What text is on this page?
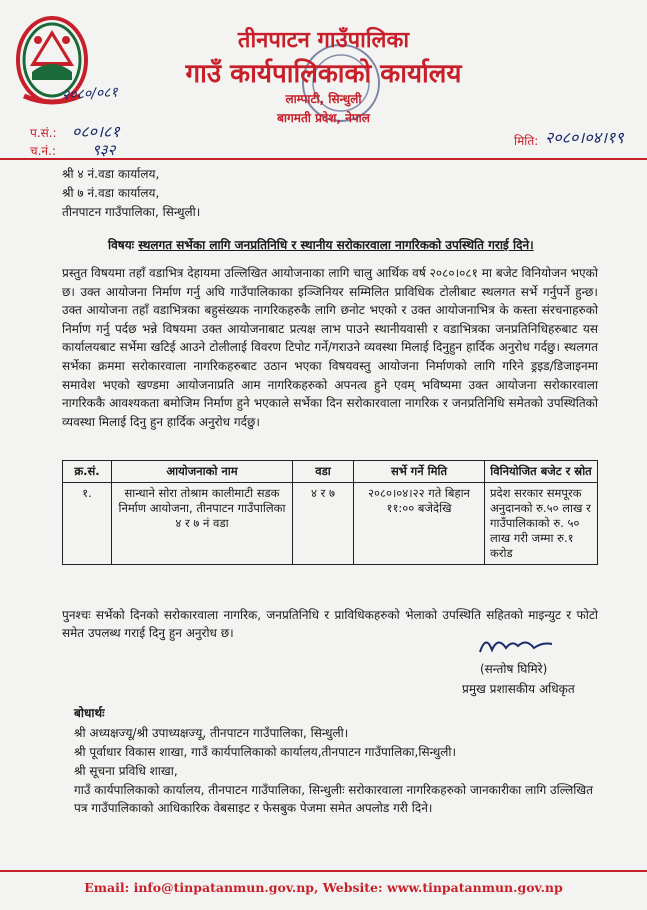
२०८०/०८१
तीनपाटन गाउँपालिका
गाउँ कार्यपालिकाको कार्यालय
लाम्पाटी, सिन्धुली
बागमती प्रदेश, नेपाल
प.सं.: ०८०।८१
च.नं.: ९३२	मिति: २०८०।०४।१९
श्री ४ नं.वडा कार्यालय,
श्री ७ नं.वडा कार्यालय,
तीनपाटन गाउँपालिका, सिन्धुली।
विषयः स्थलगत सर्भेका लागि जनप्रतिनिधि र स्थानीय सरोकारवाला नागरिकको उपस्थिति गराई दिने।
प्रस्तुत विषयमा तहाँ वडाभित्र देहायमा उल्लिखित आयोजनाका लागि चालु आर्थिक वर्ष २०८०।०८१ मा बजेट विनियोजन भएको छ। उक्त आयोजना निर्माण गर्नु अघि गाउँपालिकाका इञ्जिनियर सम्मिलित प्राविधिक टोलीबाट स्थलगत सर्भे गर्नुपर्ने हुन्छ। उक्त आयोजना तहाँ वडाभित्रका बहुसंख्यक नागरिकहरुकै लागि छनोट भएको र उक्त आयोजनाभित्र के कस्ता संरचनाहरुको निर्माण गर्नु पर्दछ भन्ने विषयमा उक्त आयोजनाबाट प्रत्यक्ष लाभ पाउने स्थानीयवासी र वडाभित्रका जनप्रतिनिधिहरुबाट यस कार्यालयबाट सर्भेमा खटिई आउने टोलीलाई विवरण टिपोट गर्ने/गराउने व्यवस्था मिलाई दिनुहुन हार्दिक अनुरोध गर्दछु। स्थलगत सर्भेका क्रममा सरोकारवाला नागरिकहरुबाट उठान भएका विषयवस्तु आयोजना निर्माणको लागि गरिने ड्रइड/डिजाइनमा समावेश भएको खण्डमा आयोजनाप्रति आम नागरिकहरुको अपनत्व हुने एवम् भविष्यमा उक्त आयोजना सरोकारवाला नागरिककै आवश्यकता बमोजिम निर्माण हुने भएकाले सर्भेका दिन सरोकारवाला नागरिक र जनप्रतिनिधि समेतको उपस्थितिको व्यवस्था मिलाई दिनु हुन हार्दिक अनुरोध गर्दछु।
क्र.सं.	आयोजनाको नाम	वडा	सर्भे गर्ने मिति	विनियोजित बजेट र स्रोत
१.	सान्धाने सोरा तोश्राम कालीमाटी सडक निर्माण आयोजना, तीनपाटन गाउँपालिका ४ र ७ नं वडा	४ र ७	२०८०।०४।२२ गते बिहान ११:०० बजेदेखि	प्रदेश सरकार समपूरक अनुदानको रु.५० लाख र गाउँपालिकाको रु. ५० लाख गरी जम्मा रु.१ करोड
पुनश्चः सर्भेको दिनको सरोकारवाला नागरिक, जनप्रतिनिधि र प्राविधिकहरुको भेलाको उपस्थिति सहितको माइन्युट र फोटो समेत उपलब्ध गराई दिनु हुन अनुरोध छ।
(सन्तोष घिमिरे)
प्रमुख प्रशासकीय अधिकृत
बोधार्थः
श्री अध्यक्षज्यू/श्री उपाध्यक्षज्यू, तीनपाटन गाउँपालिका, सिन्धुली।
श्री पूर्वाधार विकास शाखा, गाउँ कार्यपालिकाको कार्यालय,तीनपाटन गाउँपालिका,सिन्धुली।
श्री सूचना प्रविधि शाखा,
गाउँ कार्यपालिकाको कार्यालय, तीनपाटन गाउँपालिका, सिन्धुलीः सरोकारवाला नागरिकहरुको जानकारीका लागि उल्लिखित पत्र गाउँपालिकाको आधिकारिक वेबसाइट र फेसबुक पेजमा समेत अपलोड गरी दिने।
Email: info@tinpatanmun.gov.np, Website: www.tinpatanmun.gov.np
